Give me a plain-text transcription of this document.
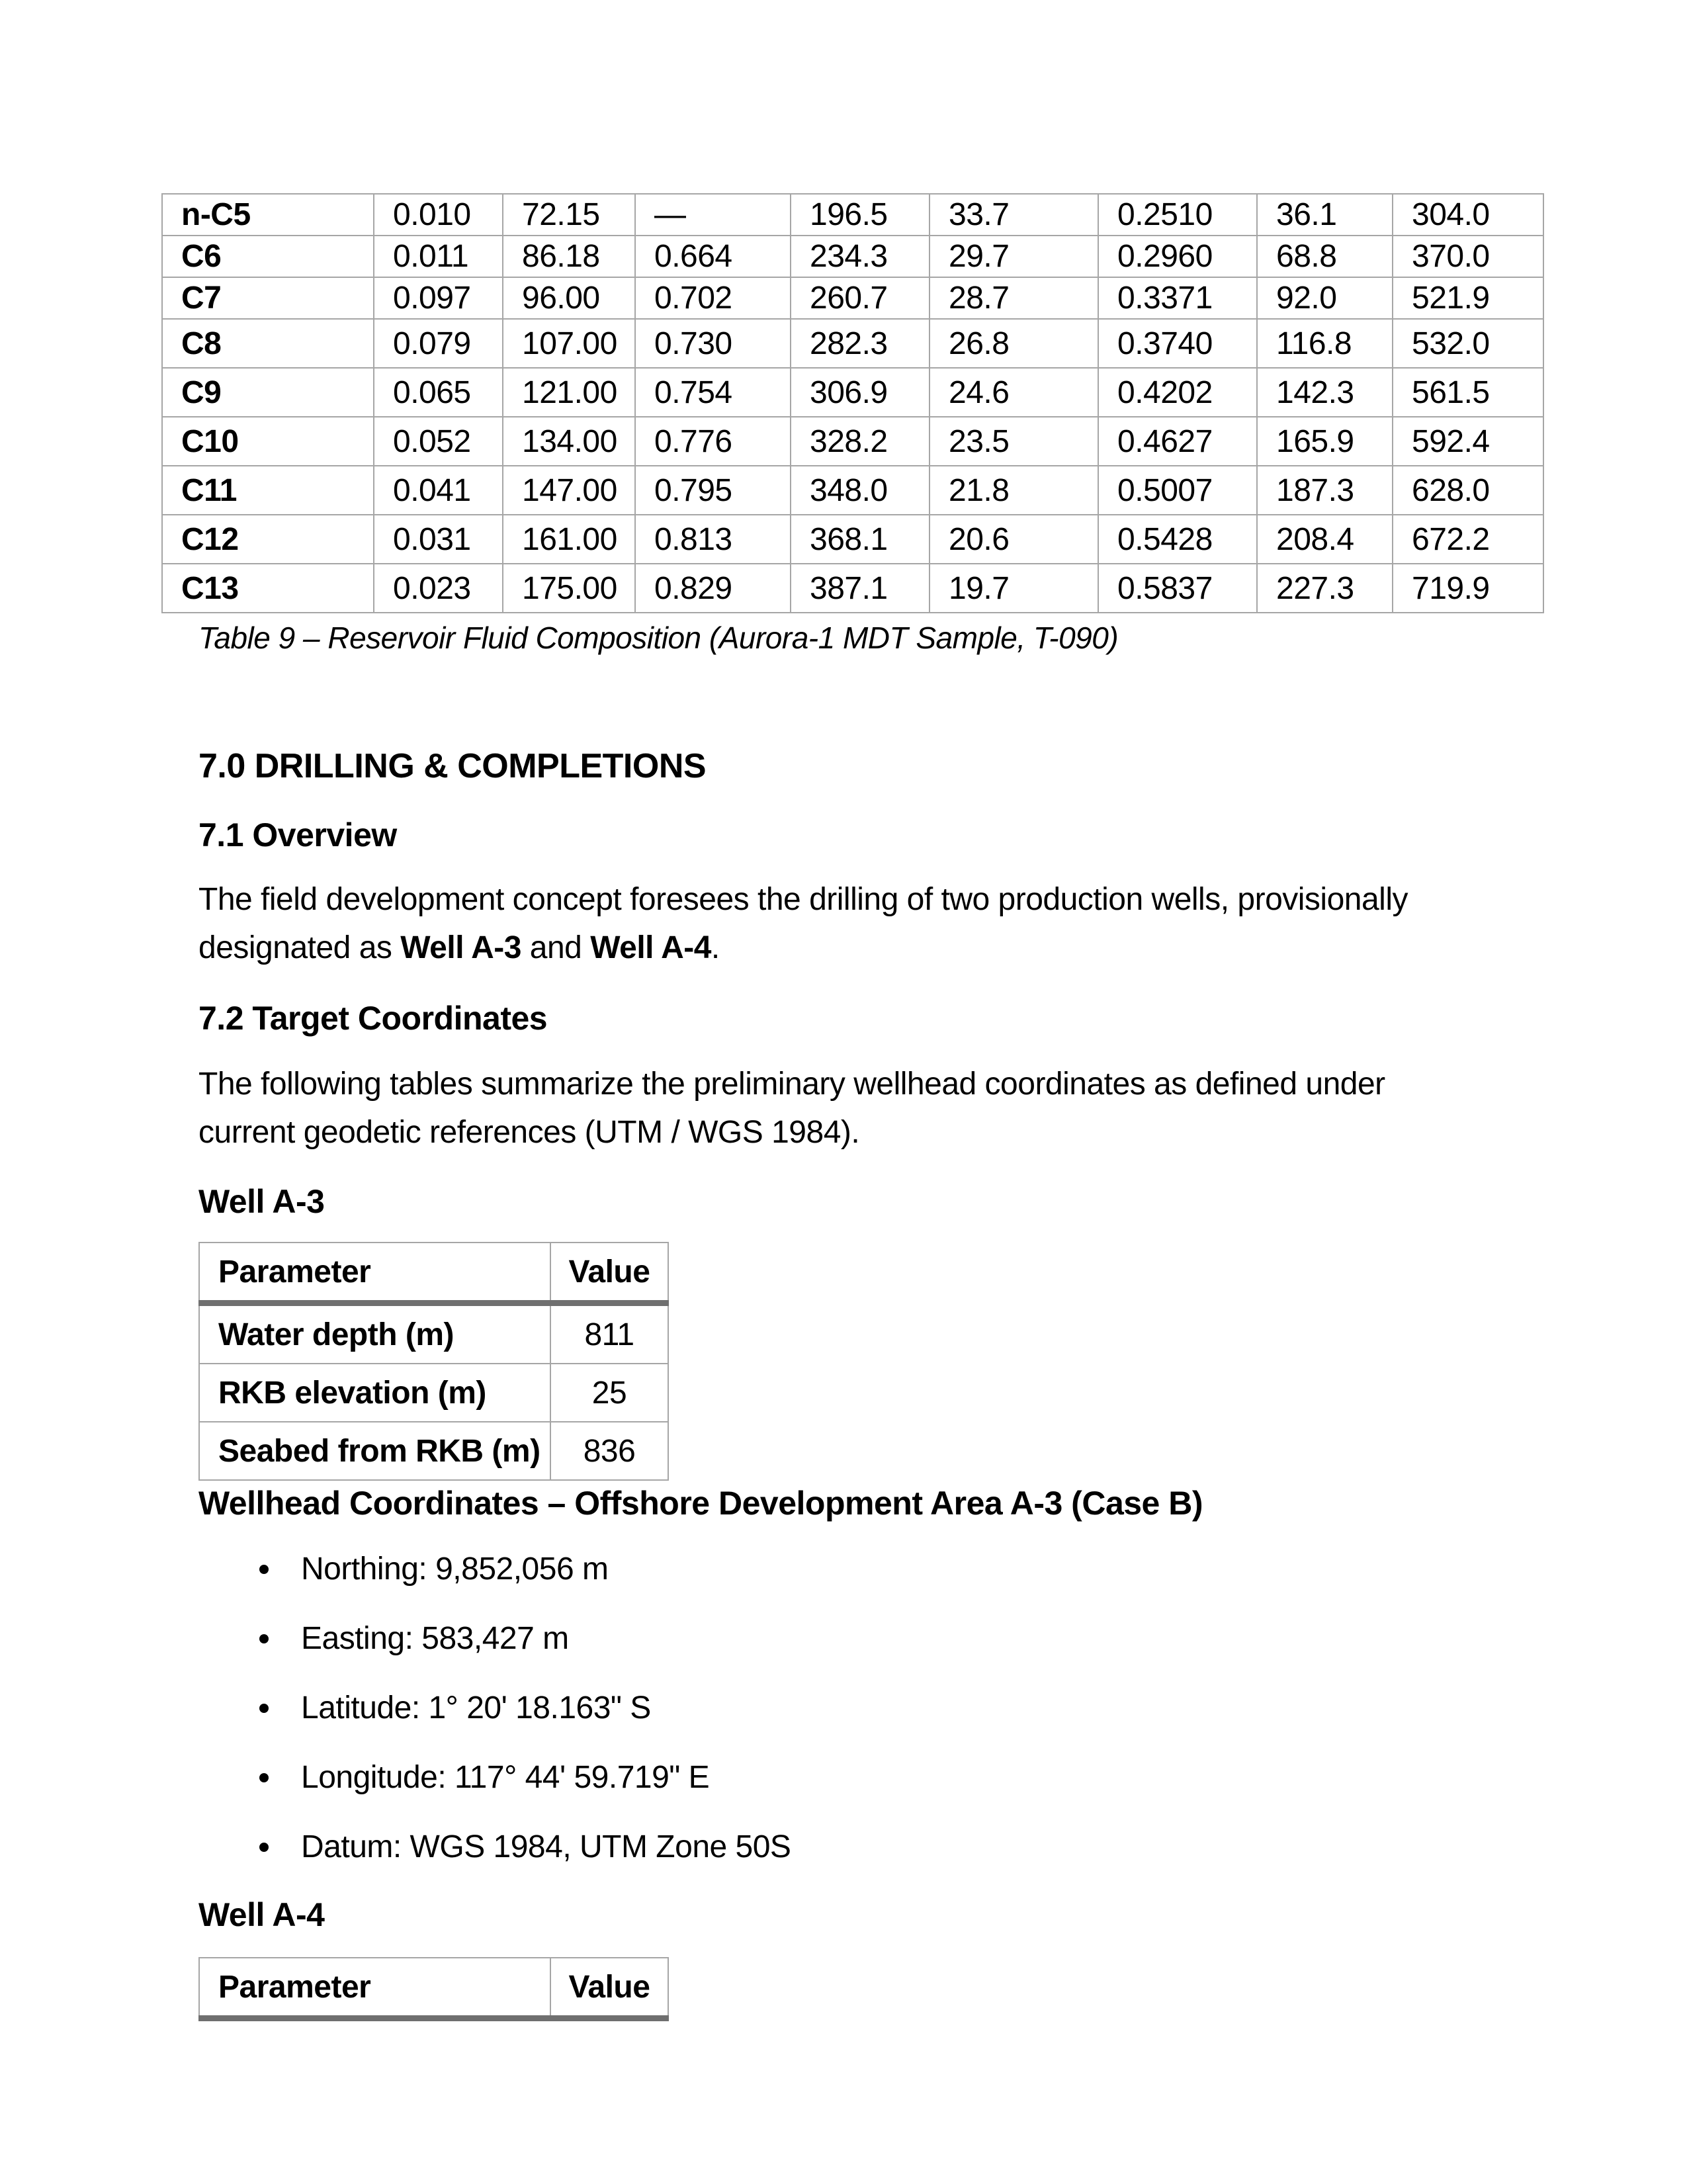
n-C5	0.010	72.15	—	196.5	33.7	0.2510	36.1	304.0
C6	0.011	86.18	0.664	234.3	29.7	0.2960	68.8	370.0
C7	0.097	96.00	0.702	260.7	28.7	0.3371	92.0	521.9
C8	0.079	107.00	0.730	282.3	26.8	0.3740	116.8	532.0
C9	0.065	121.00	0.754	306.9	24.6	0.4202	142.3	561.5
C10	0.052	134.00	0.776	328.2	23.5	0.4627	165.9	592.4
C11	0.041	147.00	0.795	348.0	21.8	0.5007	187.3	628.0
C12	0.031	161.00	0.813	368.1	20.6	0.5428	208.4	672.2
C13	0.023	175.00	0.829	387.1	19.7	0.5837	227.3	719.9
Table 9 – Reservoir Fluid Composition (Aurora-1 MDT Sample, T-090)
7.0 DRILLING & COMPLETIONS
7.1 Overview
The field development concept foresees the drilling of two production wells, provisionally
designated as Well A-3 and Well A-4.
7.2 Target Coordinates
The following tables summarize the preliminary wellhead coordinates as defined under
current geodetic references (UTM / WGS 1984).
Well A-3
Parameter	Value
Water depth (m)	811
RKB elevation (m)	25
Seabed from RKB (m)	836
Wellhead Coordinates – Offshore Development Area A-3 (Case B)
Northing: 9,852,056 m
Easting: 583,427 m
Latitude: 1° 20' 18.163" S
Longitude: 117° 44' 59.719" E
Datum: WGS 1984, UTM Zone 50S
Well A-4
Parameter	Value
